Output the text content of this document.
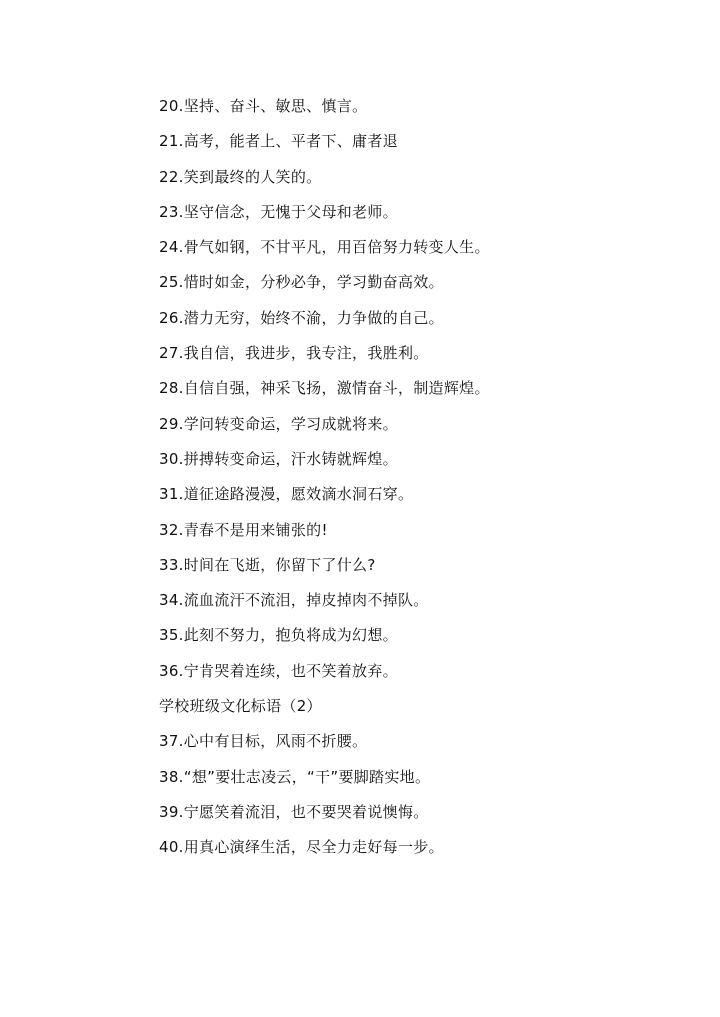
20.坚持、奋斗、敏思、慎言。
21.高考，能者上、平者下、庸者退
22.笑到最终的人笑的。
23.坚守信念，无愧于父母和老师。
24.骨气如钢，不甘平凡，用百倍努力转变人生。
25.惜时如金，分秒必争，学习勤奋高效。
26.潜力无穷，始终不渝，力争做的自己。
27.我自信，我进步，我专注，我胜利。
28.自信自强，神采飞扬，激情奋斗，制造辉煌。
29.学问转变命运，学习成就将来。
30.拼搏转变命运，汗水铸就辉煌。
31.道征途路漫漫，愿效滴水洞石穿。
32.青春不是用来铺张的!
33.时间在飞逝，你留下了什么?
34.流血流汗不流泪，掉皮掉肉不掉队。
35.此刻不努力，抱负将成为幻想。
36.宁肯哭着连续，也不笑着放弃。
学校班级文化标语（2）
37.心中有目标，风雨不折腰。
38.“想”要壮志凌云，“干”要脚踏实地。
39.宁愿笑着流泪，也不要哭着说懊悔。
40.用真心演绎生活，尽全力走好每一步。
